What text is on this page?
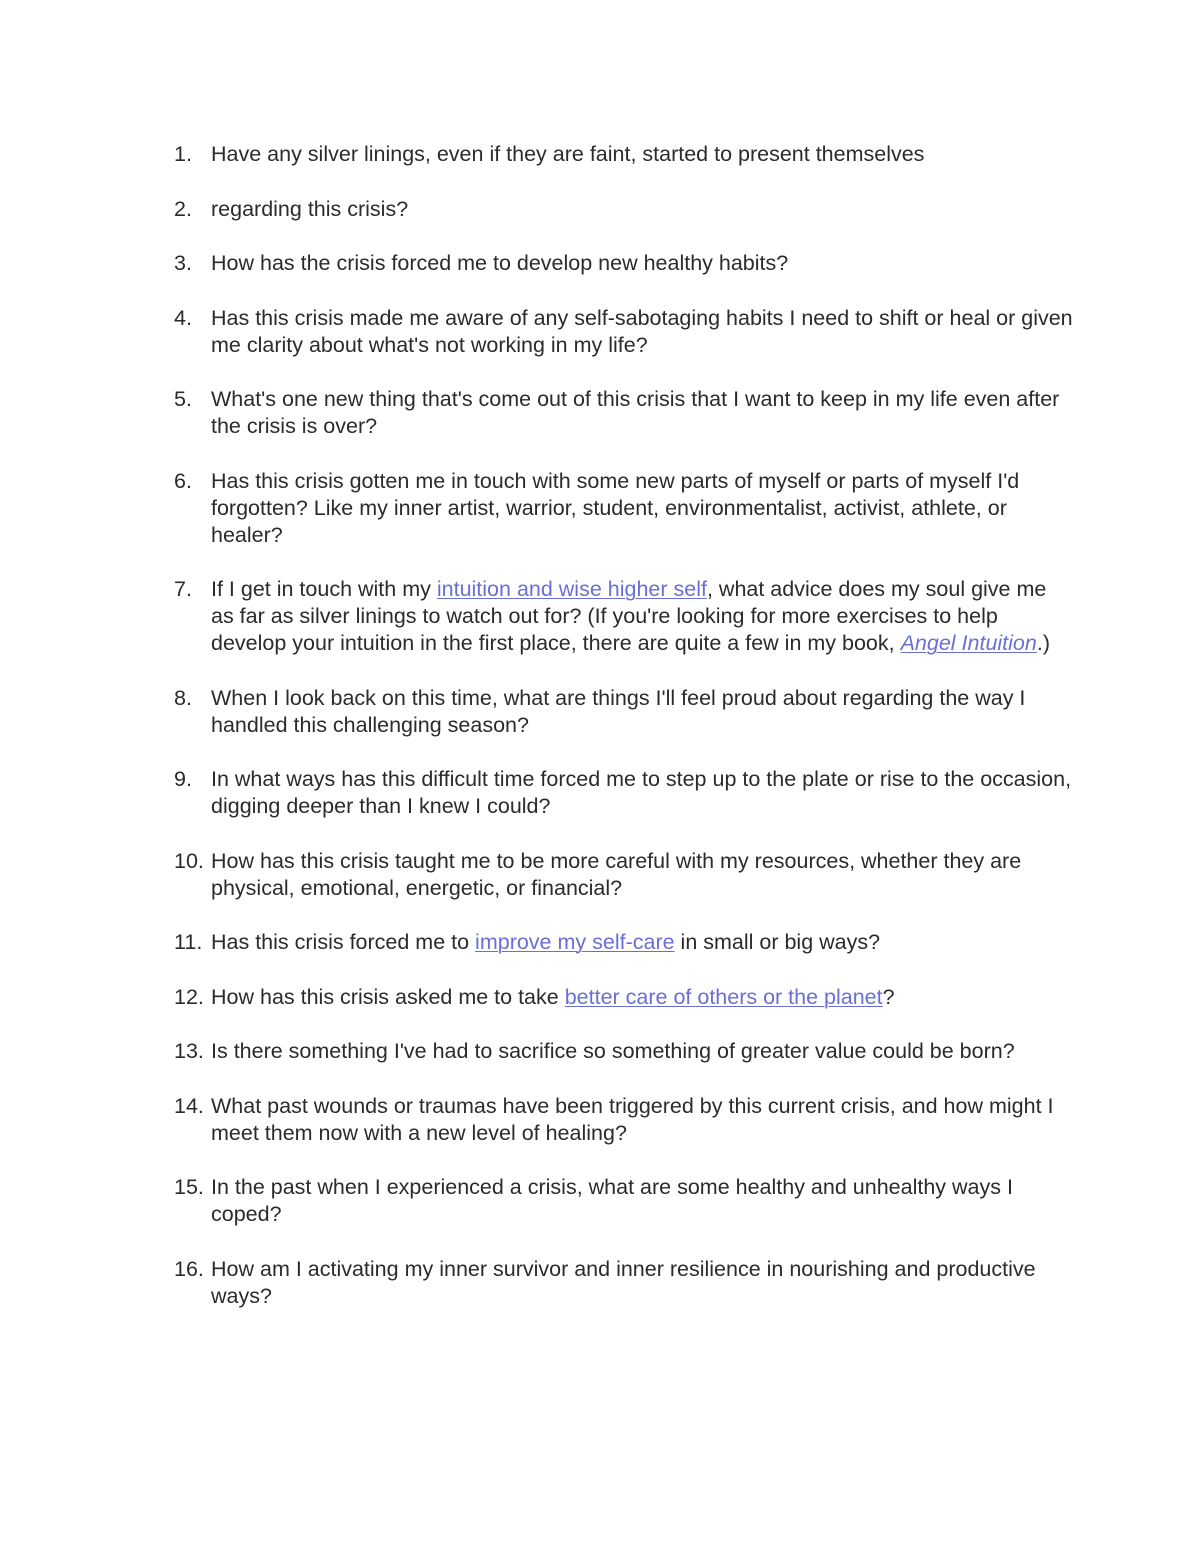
1. Have any silver linings, even if they are faint, started to present themselves
2. regarding this crisis?
3. How has the crisis forced me to develop new healthy habits?
4. Has this crisis made me aware of any self-sabotaging habits I need to shift or heal or given me clarity about what's not working in my life?
5. What's one new thing that's come out of this crisis that I want to keep in my life even after the crisis is over?
6. Has this crisis gotten me in touch with some new parts of myself or parts of myself I'd forgotten? Like my inner artist, warrior, student, environmentalist, activist, athlete, or healer?
7. If I get in touch with my intuition and wise higher self, what advice does my soul give me as far as silver linings to watch out for? (If you're looking for more exercises to help develop your intuition in the first place, there are quite a few in my book, Angel Intuition.)
8. When I look back on this time, what are things I'll feel proud about regarding the way I handled this challenging season?
9. In what ways has this difficult time forced me to step up to the plate or rise to the occasion, digging deeper than I knew I could?
10. How has this crisis taught me to be more careful with my resources, whether they are physical, emotional, energetic, or financial?
11. Has this crisis forced me to improve my self-care in small or big ways?
12. How has this crisis asked me to take better care of others or the planet?
13. Is there something I've had to sacrifice so something of greater value could be born?
14. What past wounds or traumas have been triggered by this current crisis, and how might I meet them now with a new level of healing?
15. In the past when I experienced a crisis, what are some healthy and unhealthy ways I coped?
16. How am I activating my inner survivor and inner resilience in nourishing and productive ways?
